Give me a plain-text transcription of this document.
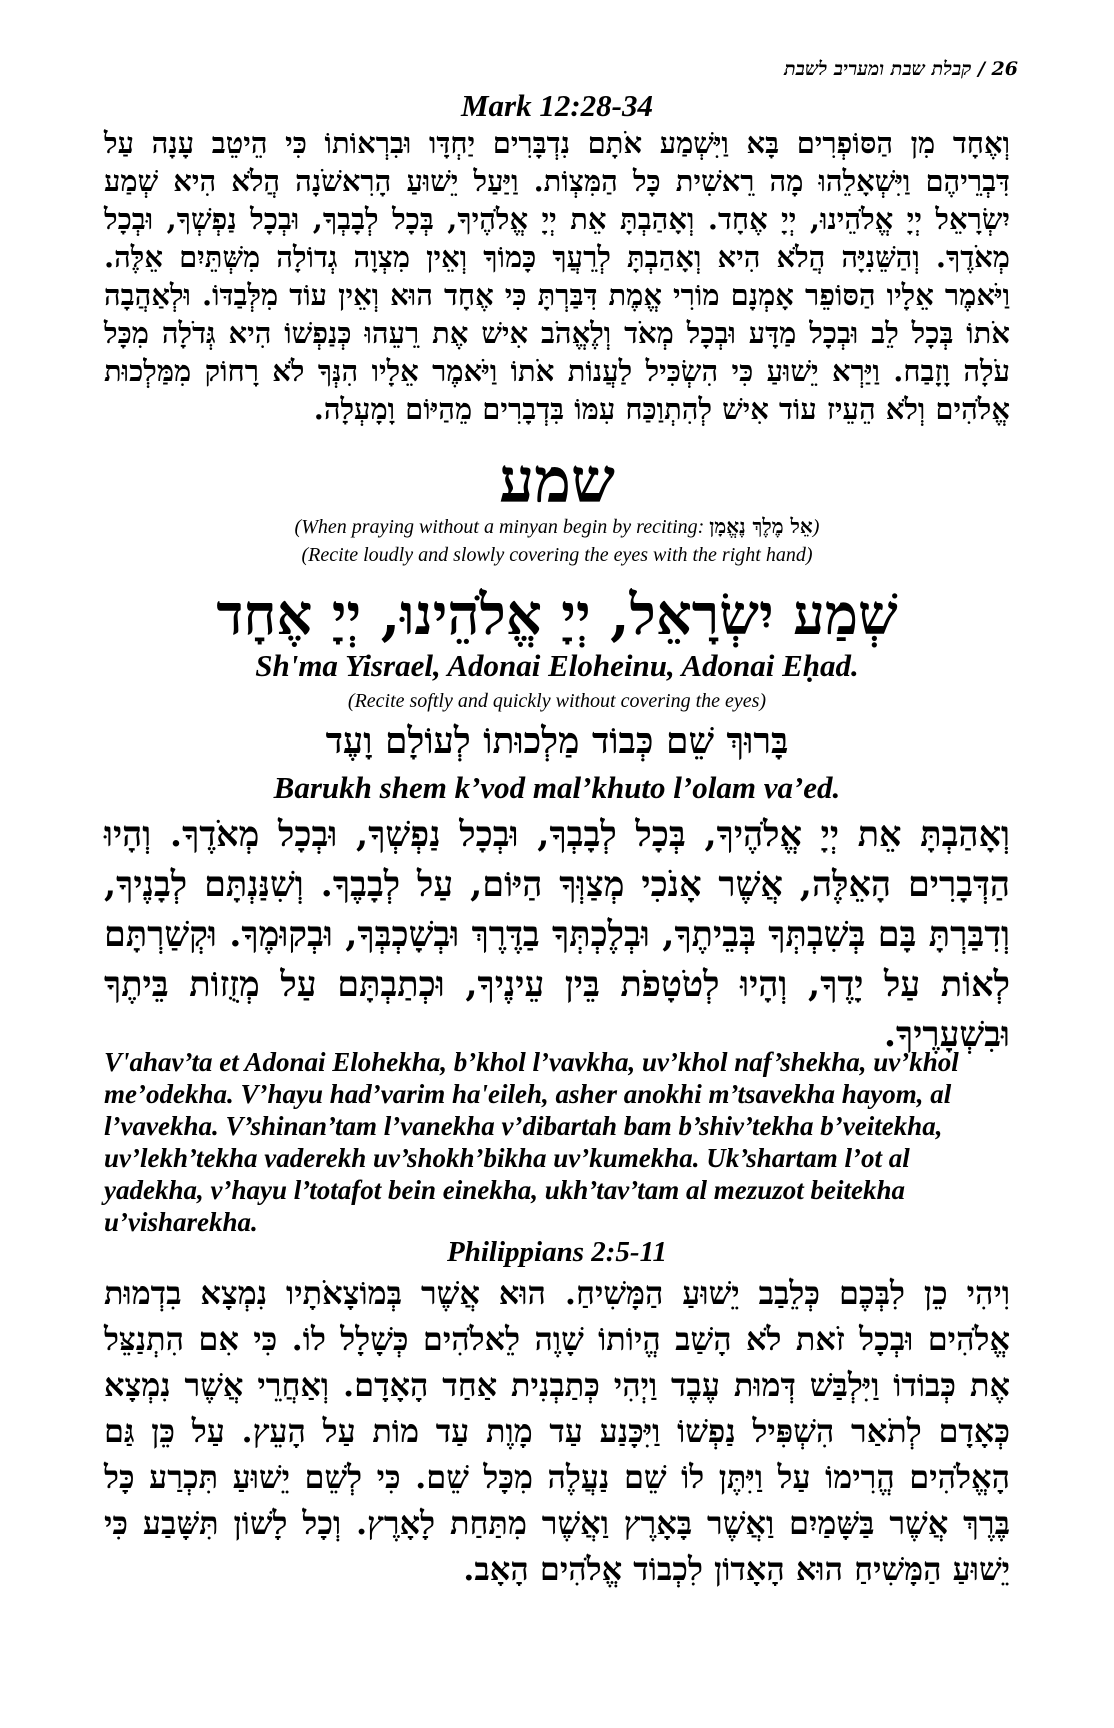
26 / קבלת שבת ומעריב לשבת
Mark 12:28-34

וְאֶחָד מִן הַסּוֹפְרִים בָּא וַיִּשְׁמַע אֹתָם נִדְבָּרִים יַחְדָּו וּבִרְאוֹתוֹ כִּי הֵיטֵב עָנָה עַל דִּבְרֵיהֶם וַיִּשְׁאָלֵהוּ מָה רֵאשִׁית כָּל הַמִּצְוֹת. וַיַּעַל יֵשׁוּעַ הָרִאשֹׁנָה הֲלֹא הִיא שְׁמַע יִשְׂרָאֵל יְיָ אֱלֹהֵינוּ, יְיָ אֶחָד. וְאָהַבְתָּ אֵת יְיָ אֱלֹהֶיךָ, בְּכָל לְבָבְךָ, וּבְכָל נַפְשְׁךָ, וּבְכָל מְאֹדֶךָ. וְהַשֵּׁנִיָּה הֲלֹא הִיא וְאָהַבְתָּ לְרֵעֲךָ כָּמוֹךָ וְאֵין מִצְוָה גְדוֹלָה מִשְּׁתֵּיִם אֵלֶּה. וַיֹּאמֶר אֵלָיו הַסּוֹפֵר אָמְנָם מוֹרִי אֱמֶת דִּבַּרְתָּ כִּי אֶחָד הוּא וְאֵין עוֹד מִלְּבַדּוֹ. וּלְאַהֲבָה אֹתוֹ בְּכָל לֵב וּבְכָל מַדָּע וּבְכָל מְאֹד וְלֶאֱהֹב אִישׁ אֶת רֵעֵהוּ כְּנַפְשׁוֹ הִיא גְּדֹלָה מִכָּל עֹלָה וָזָבַח. וַיַּרְא יֵשׁוּעַ כִּי הִשְׂכִּיל לַעֲנוֹת אֹתוֹ וַיֹּאמֶר אֵלָיו הִנְּךָ לֹא רָחוֹק מִמַּלְכוּת אֱלֹהִים וְלֹא הֵעֵיז עוֹד אִישׁ לְהִתְוַכַּח עִמּוֹ בִּדְבָרִים מֵהַיּוֹם וָמָעְלָה.

שמע
(When praying without a minyan begin by reciting: אֵל מֶלֶךְ נֶאֱמָן)
(Recite loudly and slowly covering the eyes with the right hand)
שְׁמַע יִשְׂרָאֵל, יְיָ אֱלֹהֵינוּ, יְיָ אֶחָד
Sh'ma Yisrael, Adonai Eloheinu, Adonai Eḥad.
(Recite softly and quickly without covering the eyes)
בָּרוּךְ שֵׁם כְּבוֹד מַלְכוּתוֹ לְעוֹלָם וָעֶד
Barukh shem k’vod mal’khuto l’olam va’ed.

וְאָהַבְתָּ אֵת יְיָ אֱלֹהֶיךָ, בְּכָל לְבָבְךָ, וּבְכָל נַפְשְׁךָ, וּבְכָל מְאֹדֶךָ. וְהָיוּ הַדְּבָרִים הָאֵלֶּה, אֲשֶׁר אָנֹכִי מְצַוְּךָ הַיּוֹם, עַל לְבָבֶךָ. וְשִׁנַּנְתָּם לְבָנֶיךָ, וְדִבַּרְתָּ בָּם בְּשִׁבְתְּךָ בְּבֵיתֶךָ, וּבְלֶכְתְּךָ בַדֶּרֶךְ וּבְשָׁכְבְּךָ, וּבְקוּמֶךָ. וּקְשַׁרְתָּם לְאוֹת עַל יָדֶךָ, וְהָיוּ לְטֹטָפֹת בֵּין עֵינֶיךָ, וּכְתַבְתָּם עַל מְזֻזוֹת בֵּיתֶךָ וּבִשְׁעָרֶיךָ.

V'ahav’ta et Adonai Elohekha, b’khol l’vavkha, uv’khol naf’shekha, uv’khol me’odekha. V’hayu had’varim ha'eileh, asher anokhi m’tsavekha hayom, al l’vavekha. V’shinan’tam l’vanekha v’dibartah bam b’shiv’tekha b’veitekha, uv’lekh’tekha vaderekh uv’shokh’bikha uv’kumekha. Uk’shartam l’ot al yadekha, v’hayu l’totafot bein einekha, ukh’tav’tam al mezuzot beitekha u’visharekha.

Philippians 2:5-11

וִיהִי כֵן לִבְּכֶם כְּלֵבַב יֵשׁוּעַ הַמָּשִׁיחַ. הוּא אֲשֶׁר בְּמוֹצָאֹתָיו נִמְצָא בִדְמוּת אֱלֹהִים וּבְכָל זֹאת לֹא הָשַׁב הֱיוֹתוֹ שָׁוֶה לֵאלֹהִים כְּשָׁלָל לוֹ. כִּי אִם הִתְנַצֵּל אֶת כְּבוֹדוֹ וַיִּלְבַּשׁ דְּמוּת עֶבֶד וַיְהִי כְּתַבְנִית אַחַד הָאָדָם. וְאַחֲרֵי אֲשֶׁר נִמְצָא כְּאָדָם לְתֹאַר הִשְׁפִּיל נַפְשׁוֹ וַיִּכָּנַע עַד מָוֶת עַד מוֹת עַל הָעֵץ. עַל כֵּן גַּם הָאֱלֹהִים הֱרִימוֹ עַל וַיִּתֶּן לוֹ שֵׁם נַעֲלֶה מִכָּל שֵׁם. כִּי לְשֵׁם יֵשׁוּעַ תִּכְרַע כָּל בֶּרֶךְ אֲשֶׁר בַּשָּׁמַיִם וַאֲשֶׁר בָּאָרֶץ וַאֲשֶׁר מִתַּחַת לָאָרֶץ. וְכָל לָשׁוֹן תִּשָּׁבַע כִּי יֵשׁוּעַ הַמָּשִׁיחַ הוּא הָאָדוֹן לִכְבוֹד אֱלֹהִים הָאָב.
